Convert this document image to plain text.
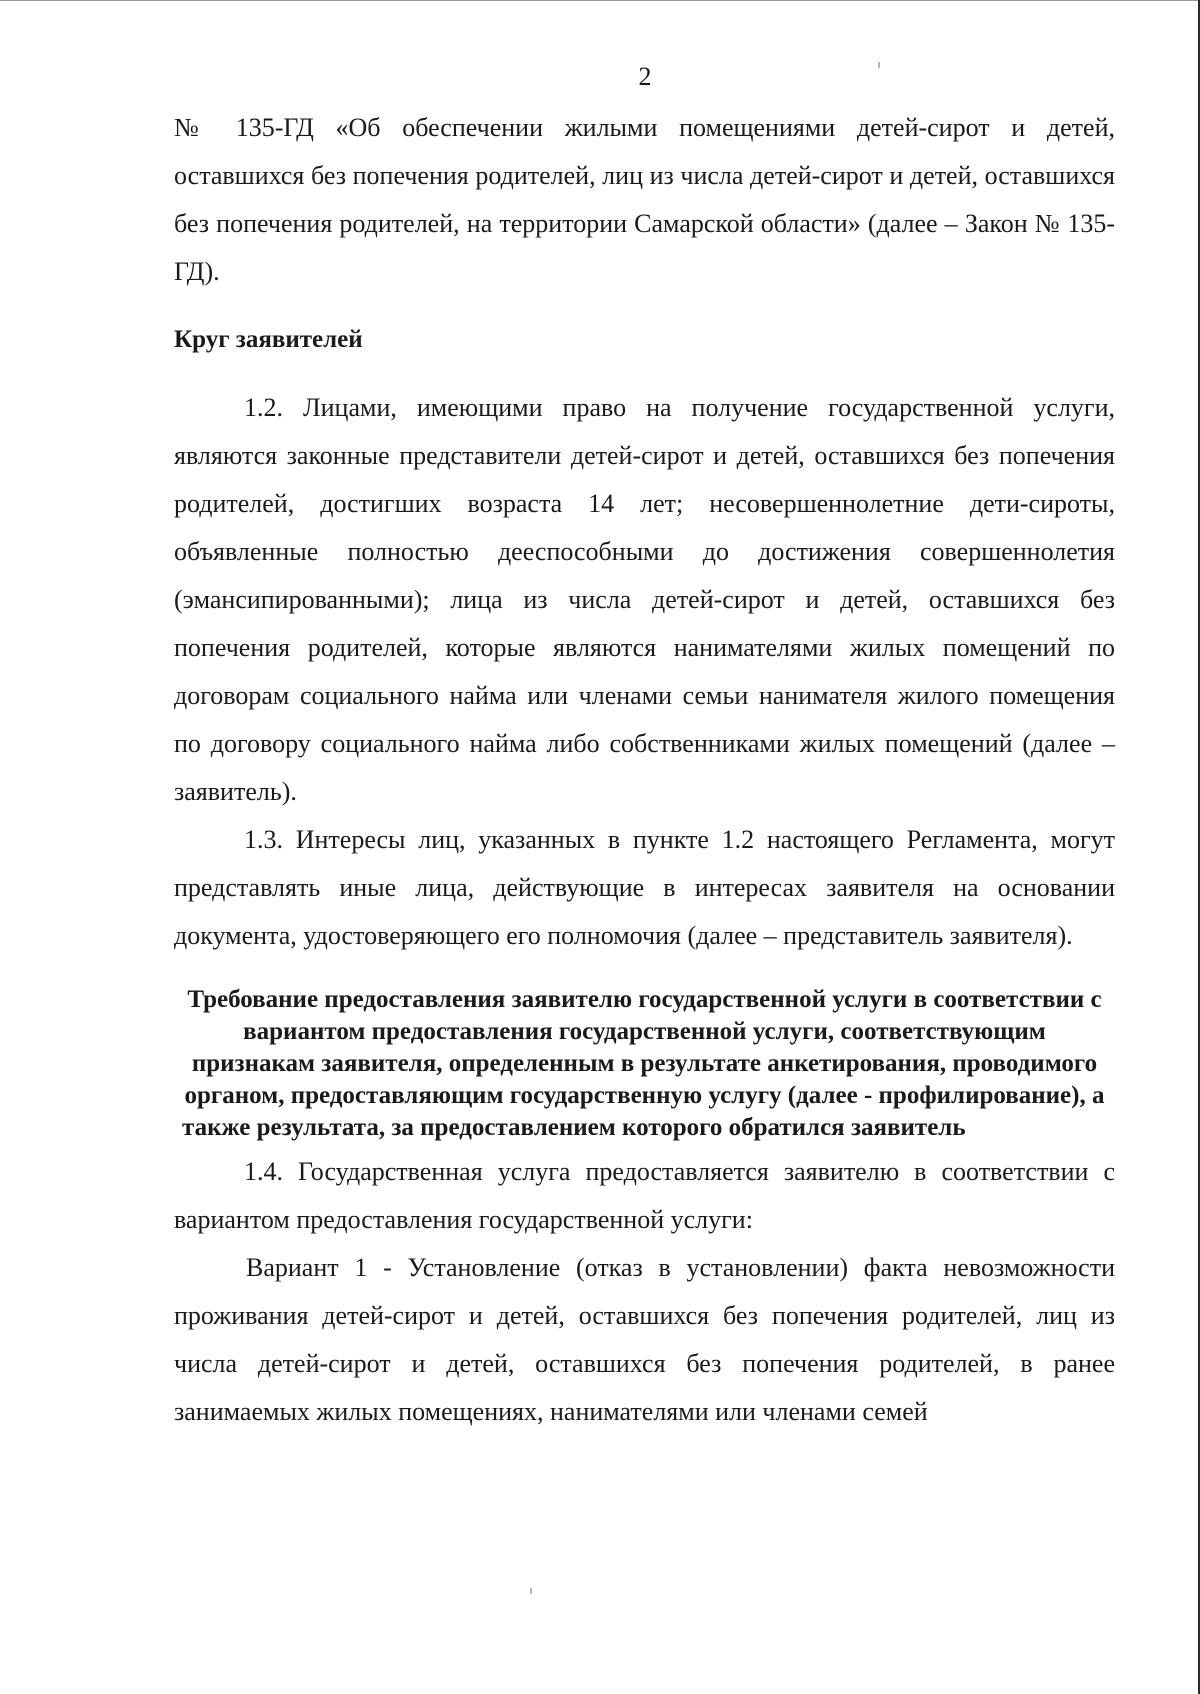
2

№ 135-ГД «Об обеспечении жилыми помещениями детей-сирот и детей, оставшихся без попечения родителей, лиц из числа детей-сирот и детей, оставшихся без попечения родителей, на территории Самарской области» (далее – Закон № 135-ГД).

Круг заявителей

1.2. Лицами, имеющими право на получение государственной услуги, являются законные представители детей-сирот и детей, оставшихся без попечения родителей, достигших возраста 14 лет; несовершеннолетние дети-сироты, объявленные полностью дееспособными до достижения совершеннолетия (эмансипированными); лица из числа детей-сирот и детей, оставшихся без попечения родителей, которые являются нанимателями жилых помещений по договорам социального найма или членами семьи нанимателя жилого помещения по договору социального найма либо собственниками жилых помещений (далее – заявитель).

1.3. Интересы лиц, указанных в пункте 1.2 настоящего Регламента, могут представлять иные лица, действующие в интересах заявителя на основании документа, удостоверяющего его полномочия (далее – представитель заявителя).

Требование предоставления заявителю государственной услуги в соответствии с вариантом предоставления государственной услуги, соответствующим признакам заявителя, определенным в результате анкетирования, проводимого органом, предоставляющим государственную услугу (далее - профилирование), а также результата, за предоставлением которого обратился заявитель

1.4. Государственная услуга предоставляется заявителю в соответствии с вариантом предоставления государственной услуги:

Вариант 1 - Установление (отказ в установлении) факта невозможности проживания детей-сирот и детей, оставшихся без попечения родителей, лиц из числа детей-сирот и детей, оставшихся без попечения родителей, в ранее занимаемых жилых помещениях, нанимателями или членами семей
